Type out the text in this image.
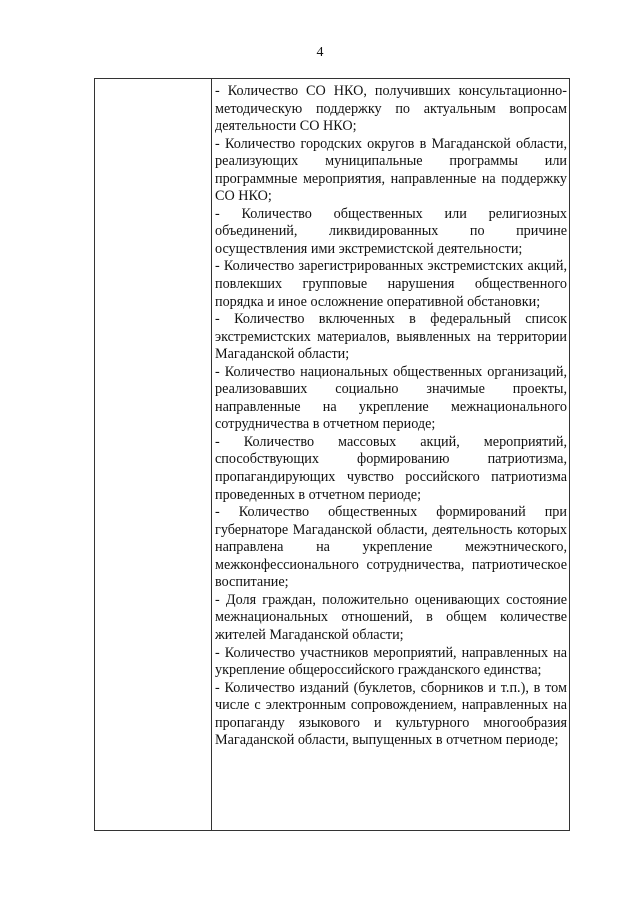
4

- Количество СО НКО, получивших консультационно-методическую поддержку по актуальным вопросам деятельности СО НКО;

- Количество городских округов в Магаданской области, реализующих муниципальные программы или программные мероприятия, направленные на поддержку СО НКО;

- Количество общественных или религиозных объединений, ликвидированных по причине осуществления ими экстремистской деятельности;

- Количество зарегистрированных экстремистских акций, повлекших групповые нарушения общественного порядка и иное осложнение оперативной обстановки;

- Количество включенных в федеральный список экстремистских материалов, выявленных на территории Магаданской области;

- Количество национальных общественных организаций, реализовавших социально значимые проекты, направленные на укрепление межнационального сотрудничества в отчетном периоде;

- Количество массовых акций, мероприятий, способствующих формированию патриотизма, пропагандирующих чувство российского патриотизма проведенных в отчетном периоде;

- Количество общественных формирований при губернаторе Магаданской области, деятельность которых направлена на укрепление межэтнического, межконфессионального сотрудничества, патриотическое воспитание;

- Доля граждан, положительно оценивающих состояние межнациональных отношений, в общем количестве жителей Магаданской области;

- Количество участников мероприятий, направленных на укрепление общероссийского гражданского единства;

- Количество изданий (буклетов, сборников и т.п.), в том числе с электронным сопровождением, направленных на пропаганду языкового и культурного многообразия Магаданской области, выпущенных в отчетном периоде;
